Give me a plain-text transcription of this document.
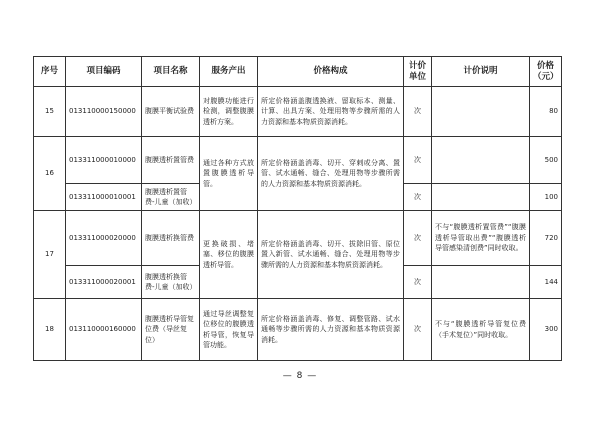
序号	项目编码	项目名称	服务产出	价格构成	计价单位	计价说明	价格（元）
15	013110000150000	腹膜平衡试验费	对腹膜功能进行检测，调整腹膜透析方案。	所定价格涵盖腹透换液、留取标本、测量、计算、出具方案、处理用物等步骤所需的人力资源和基本物质资源消耗。	次		80
16	013311000010000	腹膜透析置管费	通过各种方式放置腹膜透析导管。	所定价格涵盖消毒、切开、穿刺或分离、置管、试水通畅、缝合、处理用物等步骤所需的人力资源和基本物质资源消耗。	次		500
	013311000010001	腹膜透析置管费-儿童（加收）			次		100
17	013311000020000	腹膜透析换管费	更换破损、堵塞、移位的腹膜透析导管。	所定价格涵盖消毒、切开、拔除旧管、原位置入新管、试水通畅、缝合、处理用物等步骤所需的人力资源和基本物质资源消耗。	次	不与“腹膜透析置管费”“腹膜透析导管取出费”“腹膜透析导管感染清创费”同时收取。	720
	013311000020001	腹膜透析换管费-儿童（加收）			次		144
18	013110000160000	腹膜透析导管复位费（导丝复位）	通过导丝调整复位移位的腹膜透析导管，恢复导管功能。	所定价格涵盖消毒、修复、调整管路、试水通畅等步骤所需的人力资源和基本物质资源消耗。	次	不与“腹膜透析导管复位费（手术复位）”同时收取。	300
— 8 —
